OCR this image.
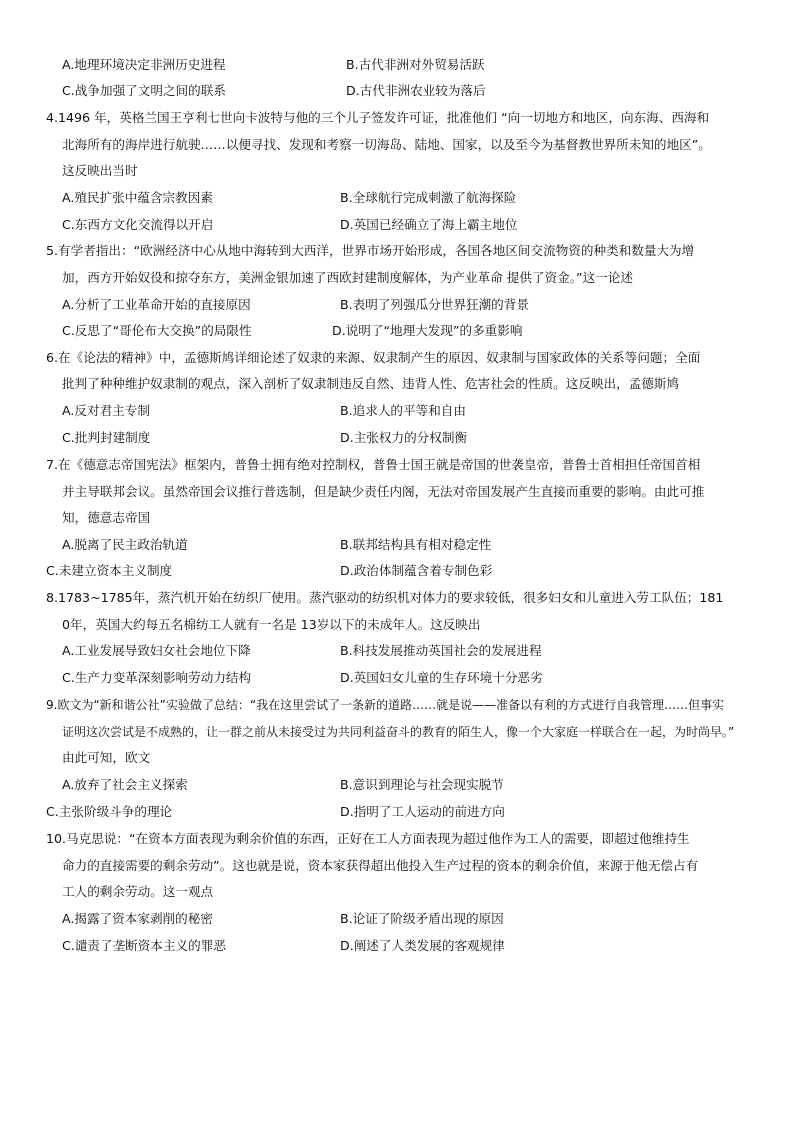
A.地理环境决定非洲历史进程	B.古代非洲对外贸易活跃
C.战争加强了文明之间的联系	D.古代非洲农业较为落后
4.1496 年，英格兰国王亨利七世向卡波特与他的三个儿子签发许可证，批准他们 “向一切地方和地区，向东海、西海和
北海所有的海岸进行航驶……以便寻找、发现和考察一切海岛、陆地、国家，以及至今为基督教世界所未知的地区”。
这反映出当时
A.殖民扩张中蕴含宗教因素	B.全球航行完成刺激了航海探险
C.东西方文化交流得以开启	D.英国已经确立了海上霸主地位
5.有学者指出：“欧洲经济中心从地中海转到大西洋，世界市场开始形成，各国各地区间交流物资的种类和数量大为增
加，西方开始奴役和掠夺东方，美洲金银加速了西欧封建制度解体，为产业革命 提供了资金。”这一论述
A.分析了工业革命开始的直接原因	B.表明了列强瓜分世界狂潮的背景
C.反思了“哥伦布大交换”的局限性	D.说明了“地理大发现”的多重影响
6.在《论法的精神》中，孟德斯鸠详细论述了奴隶的来源、奴隶制产生的原因、奴隶制与国家政体的关系等问题；全面
批判了种种维护奴隶制的观点，深入剖析了奴隶制违反自然、违背人性、危害社会的性质。这反映出，孟德斯鸠
A.反对君主专制	B.追求人的平等和自由
C.批判封建制度	D.主张权力的分权制衡
7.在《德意志帝国宪法》框架内，普鲁士拥有绝对控制权，普鲁士国王就是帝国的世袭皇帝，普鲁士首相担任帝国首相
并主导联邦会议。虽然帝国会议推行普选制，但是缺少责任内阁，无法对帝国发展产生直接而重要的影响。由此可推
知，德意志帝国
A.脱离了民主政治轨道	B.联邦结构具有相对稳定性
C.未建立资本主义制度	D.政治体制蕴含着专制色彩
8.1783~1785年，蒸汽机开始在纺织厂使用。蒸汽驱动的纺织机对体力的要求较低，很多妇女和儿童进入劳工队伍；181
0年，英国大约每五名棉纺工人就有一名是 13岁以下的未成年人。这反映出
A.工业发展导致妇女社会地位下降	B.科技发展推动英国社会的发展进程
C.生产力变革深刻影响劳动力结构	D.英国妇女儿童的生存环境十分恶劣
9.欧文为“新和谐公社”实验做了总结：“我在这里尝试了一条新的道路……就是说——准备以有利的方式进行自我管理……但事实
证明这次尝试是不成熟的，让一群之前从未接受过为共同利益奋斗的教育的陌生人，像一个大家庭一样联合在一起，为时尚早。”
由此可知，欧文
A.放弃了社会主义探索	B.意识到理论与社会现实脱节
C.主张阶级斗争的理论	D.指明了工人运动的前进方向
10.马克思说：“在资本方面表现为剩余价值的东西，正好在工人方面表现为超过他作为工人的需要，即超过他维持生
命力的直接需要的剩余劳动”。这也就是说，资本家获得超出他投入生产过程的资本的剩余价值，来源于他无偿占有
工人的剩余劳动。这一观点
A.揭露了资本家剥削的秘密	B.论证了阶级矛盾出现的原因
C.谴责了垄断资本主义的罪恶	D.阐述了人类发展的客观规律
